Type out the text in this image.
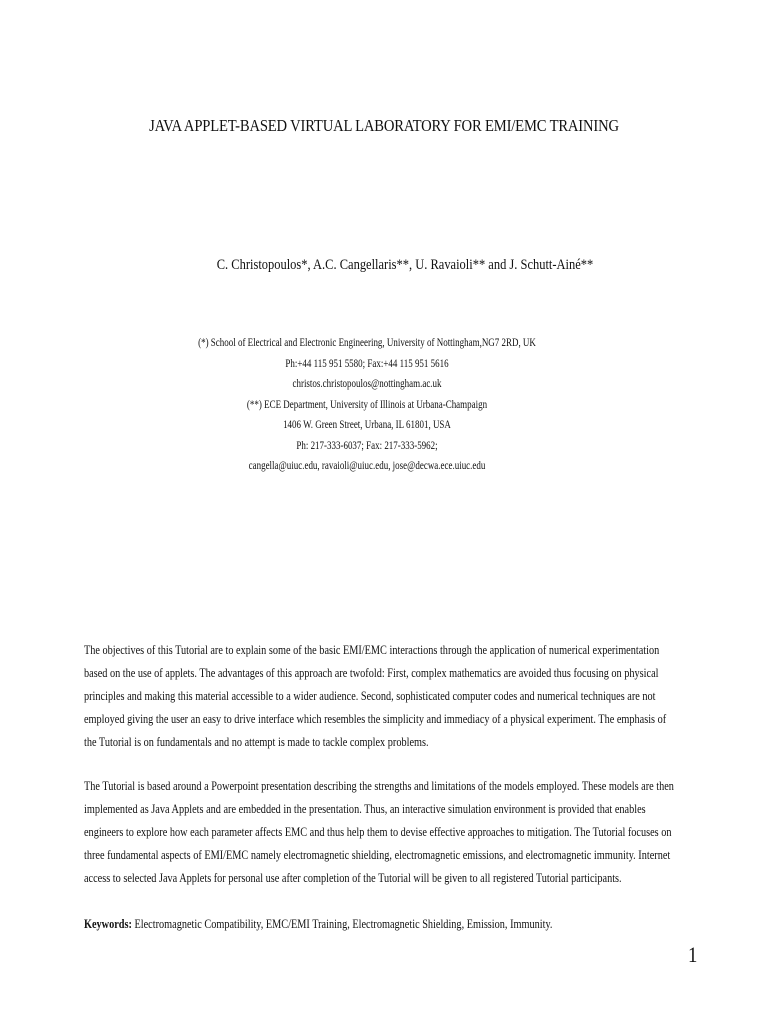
JAVA APPLET-BASED VIRTUAL LABORATORY FOR EMI/EMC TRAINING
C. Christopoulos*, A.C. Cangellaris**, U. Ravaioli** and J. Schutt-Ainé**
(*) School of Electrical and Electronic Engineering, University of Nottingham,NG7 2RD, UK
Ph:+44 115 951 5580; Fax:+44 115 951 5616
christos.christopoulos@nottingham.ac.uk
(**) ECE Department, University of Illinois at Urbana-Champaign
1406 W. Green Street, Urbana, IL 61801, USA
Ph: 217-333-6037; Fax: 217-333-5962;
cangella@uiuc.edu, ravaioli@uiuc.edu, jose@decwa.ece.uiuc.edu
The objectives of this Tutorial are to explain some of the basic EMI/EMC interactions through the application of numerical experimentation
based on the use of applets. The advantages of this approach are twofold: First, complex mathematics are avoided thus focusing on physical
principles and making this material accessible to a wider audience. Second, sophisticated computer codes and numerical techniques are not
employed giving the user an easy to drive interface which resembles the simplicity and immediacy of a physical experiment. The emphasis of
the Tutorial is on fundamentals and no attempt is made to tackle complex problems.
The Tutorial is based around a Powerpoint presentation describing the strengths and limitations of the models employed. These models are then
implemented as Java Applets and are embedded in the presentation. Thus, an interactive simulation environment is provided that enables
engineers to explore how each parameter affects EMC and thus help them to devise effective approaches to mitigation. The Tutorial focuses on
three fundamental aspects of EMI/EMC namely electromagnetic shielding, electromagnetic emissions, and electromagnetic immunity. Internet
access to selected Java Applets for personal use after completion of the Tutorial will be given to all registered Tutorial participants.
Keywords: Electromagnetic Compatibility, EMC/EMI Training, Electromagnetic Shielding, Emission, Immunity.
1
